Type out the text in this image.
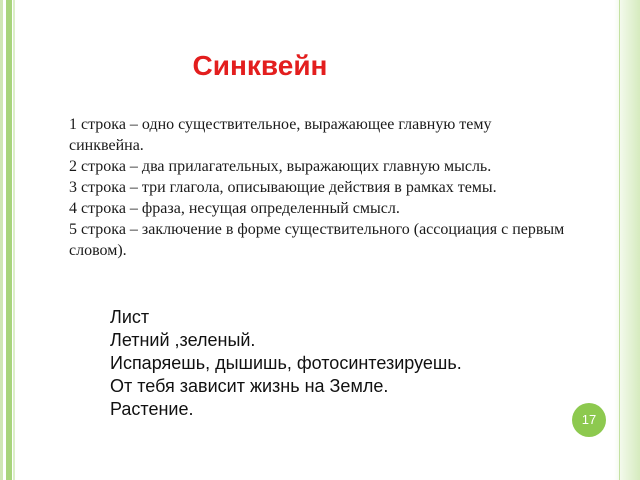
Синквейн
1 строка – одно существительное, выражающее главную тему синквейна.
2 строка – два прилагательных, выражающих главную мысль.
3 строка – три глагола, описывающие действия в рамках темы.
4 строка – фраза, несущая определенный смысл.
5 строка – заключение в форме существительного (ассоциация с первым словом).
Лист
Летний ,зеленый.
Испаряешь, дышишь, фотосинтезируешь.
От тебя зависит жизнь на Земле.
Растение.
17
